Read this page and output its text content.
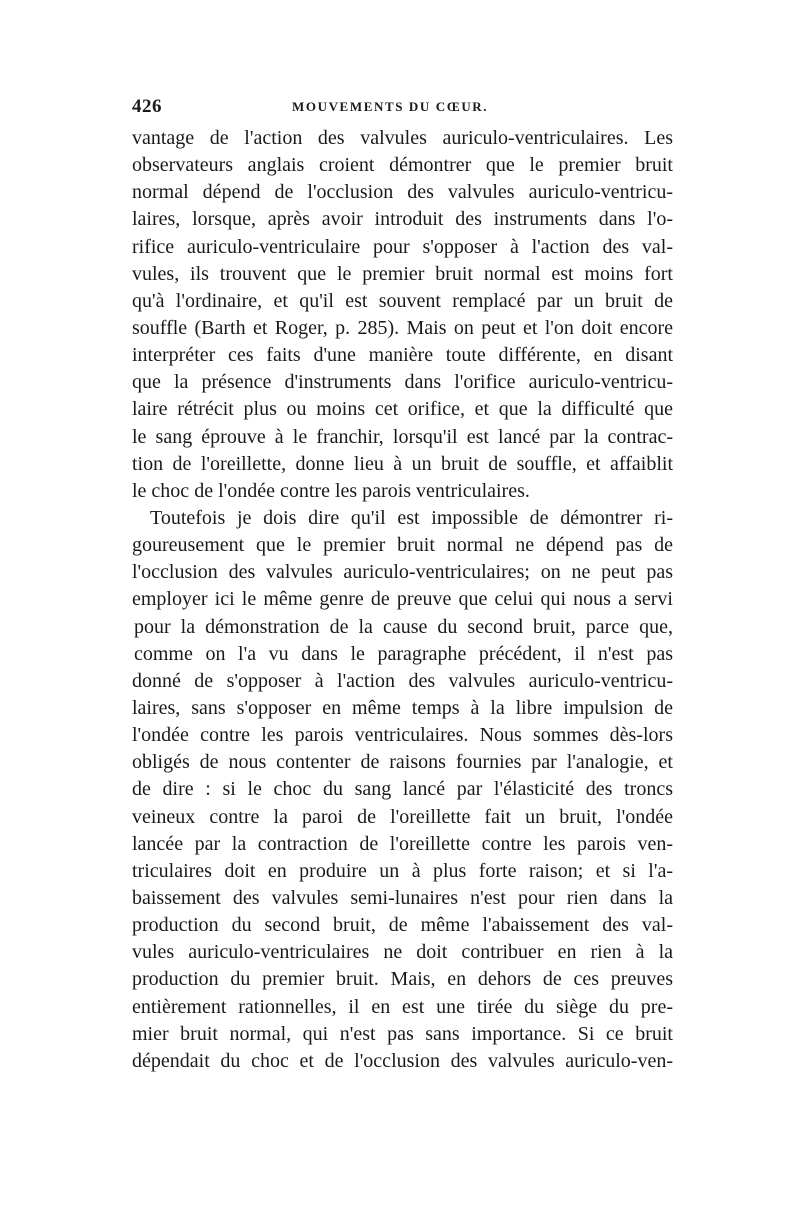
426	MOUVEMENTS DU CŒUR.
vantage de l'action des valvules auriculo-ventriculaires. Les
observateurs anglais croient démontrer que le premier bruit
normal dépend de l'occlusion des valvules auriculo-ventricu-
laires, lorsque, après avoir introduit des instruments dans l'o-
rifice auriculo-ventriculaire pour s'opposer à l'action des val-
vules, ils trouvent que le premier bruit normal est moins fort
qu'à l'ordinaire, et qu'il est souvent remplacé par un bruit de
souffle (Barth et Roger, p. 285). Mais on peut et l'on doit encore
interpréter ces faits d'une manière toute différente, en disant
que la présence d'instruments dans l'orifice auriculo-ventricu-
laire rétrécit plus ou moins cet orifice, et que la difficulté que
le sang éprouve à le franchir, lorsqu'il est lancé par la contrac-
tion de l'oreillette, donne lieu à un bruit de souffle, et affaiblit
le choc de l'ondée contre les parois ventriculaires.
Toutefois je dois dire qu'il est impossible de démontrer ri-
goureusement que le premier bruit normal ne dépend pas de
l'occlusion des valvules auriculo-ventriculaires; on ne peut pas
employer ici le même genre de preuve que celui qui nous a servi
pour la démonstration de la cause du second bruit, parce que,
comme on l'a vu dans le paragraphe précédent, il n'est pas
donné de s'opposer à l'action des valvules auriculo-ventricu-
laires, sans s'opposer en même temps à la libre impulsion de
l'ondée contre les parois ventriculaires. Nous sommes dès-lors
obligés de nous contenter de raisons fournies par l'analogie, et
de dire : si le choc du sang lancé par l'élasticité des troncs
veineux contre la paroi de l'oreillette fait un bruit, l'ondée
lancée par la contraction de l'oreillette contre les parois ven-
triculaires doit en produire un à plus forte raison; et si l'a-
baissement des valvules semi-lunaires n'est pour rien dans la
production du second bruit, de même l'abaissement des val-
vules auriculo-ventriculaires ne doit contribuer en rien à la
production du premier bruit. Mais, en dehors de ces preuves
entièrement rationnelles, il en est une tirée du siège du pre-
mier bruit normal, qui n'est pas sans importance. Si ce bruit
dépendait du choc et de l'occlusion des valvules auriculo-ven-
